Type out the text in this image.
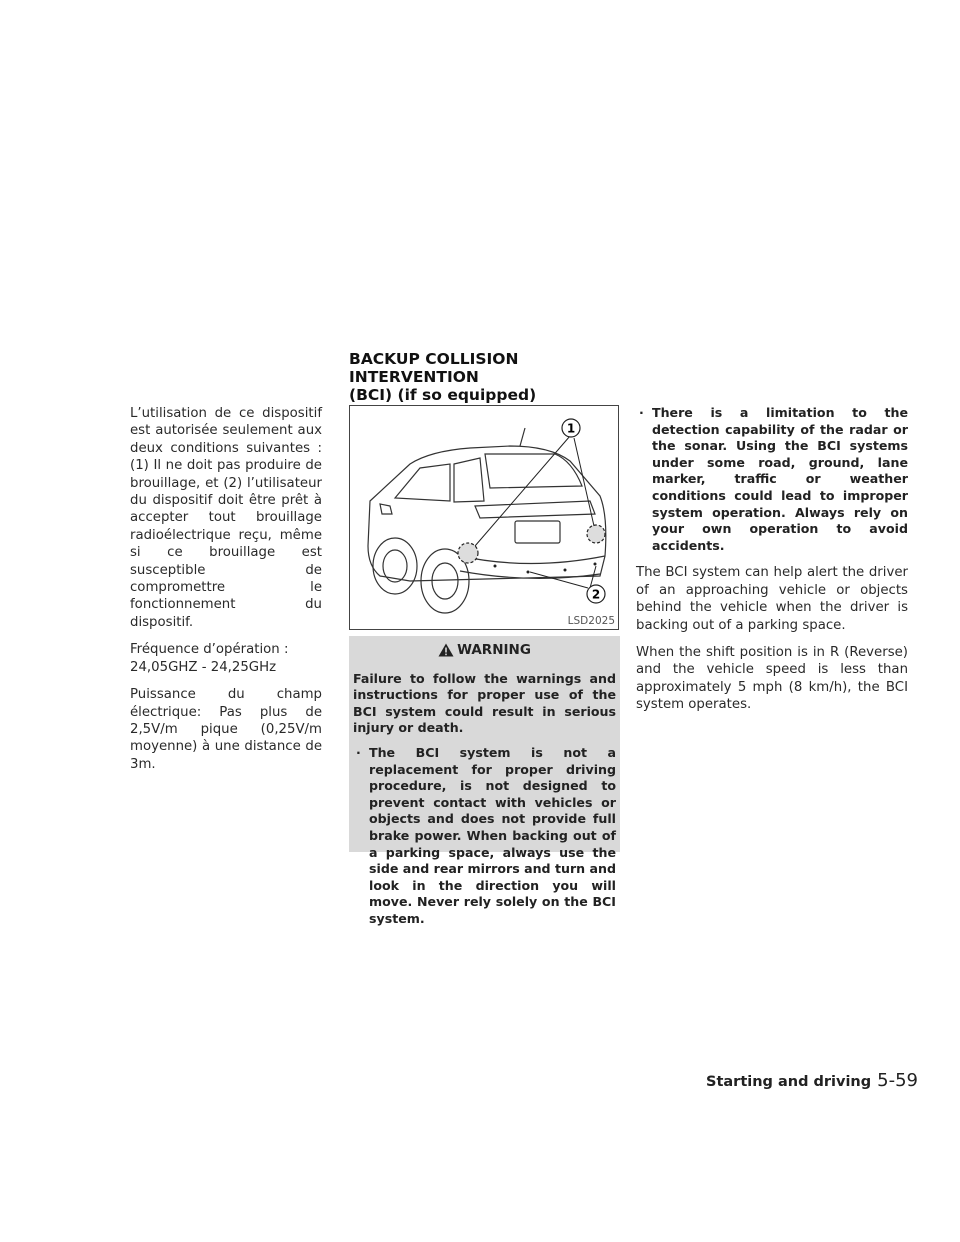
BACKUP COLLISION INTERVENTION
(BCI) (if so equipped)

L’utilisation de ce dispositif est autorisée seulement aux deux conditions suivantes : (1) Il ne doit pas produire de brouillage, et (2) l’utilisateur du dispositif doit être prêt à accepter tout brouillage radioélectrique reçu, même si ce brouillage est susceptible de compromettre le fonctionnement du dispositif.

Fréquence d’opération : 24,05GHZ - 24,25GHz

Puissance du champ électrique: Pas plus de 2,5V/m pique (0,25V/m moyenne) à une distance de 3m.

1
2
LSD2025
WARNING

Failure to follow the warnings and instructions for proper use of the BCI system could result in serious injury or death.

· The BCI system is not a replacement for proper driving procedure, is not designed to prevent contact with vehicles or objects and does not provide full brake power. When backing out of a parking space, always use the side and rear mirrors and turn and look in the direction you will move. Never rely solely on the BCI system.
· There is a limitation to the detection capability of the radar or the sonar. Using the BCI systems under some road, ground, lane marker, traffic or weather conditions could lead to improper system operation. Always rely on your own operation to avoid accidents.

The BCI system can help alert the driver of an approaching vehicle or objects behind the vehicle when the driver is backing out of a parking space.

When the shift position is in R (Reverse) and the vehicle speed is less than approximately 5 mph (8 km/h), the BCI system operates.

Starting and driving 5-59
